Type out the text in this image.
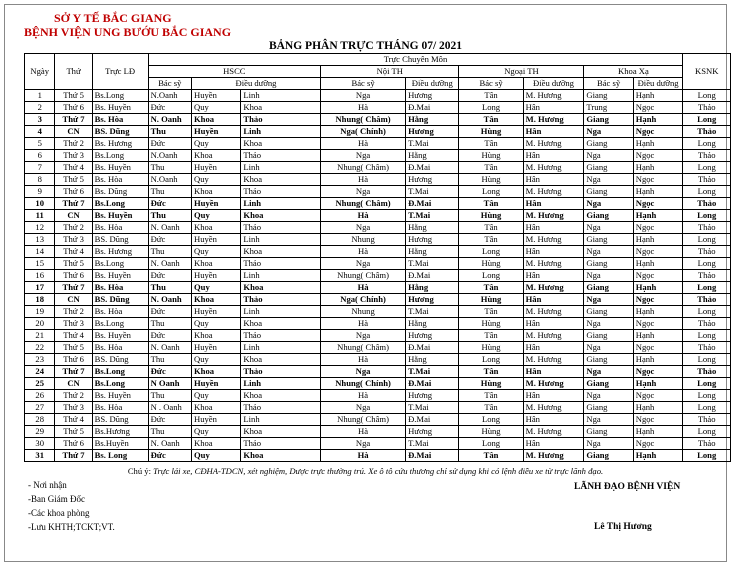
SỞ Y TẾ BẮC GIANG
BỆNH VIỆN UNG BƯỚU BẮC GIANG
BẢNG PHÂN TRỰC THÁNG 07/ 2021
Ngày	Thứ	Trực LĐ	Trực Chuyên Môn									KSNK
			HSCC			Nội TH		Ngoại TH		Khoa Xạ		
			Bác sỹ	Điều dưỡng		Bác sỹ	Điều dưỡng	Bác sỹ	Điều dưỡng	Bác sỹ	Điều dưỡng	
1	Thứ 5	Bs.Long	N.Oanh	Huyền	Linh	Nga	Hương	Tân	M. Hương	Giang	Hạnh	Long
2	Thứ 6	Bs. Huyền	Đức	Quy	Khoa	Hà	Đ.Mai	Long	Hân	Trung	Ngọc	Thảo
3	Thứ 7	Bs. Hòa	N. Oanh	Khoa	Thảo	Nhung( Châm)	Hằng	Tân	M. Hương	Giang	Hạnh	Long
4	CN	BS. Dũng	Thu	Huyền	Linh	Nga( Chính)	Hương	Hùng	Hân	Nga	Ngọc	Thảo
5	Thứ 2	Bs. Hương	Đức	Quy	Khoa	Hà	T.Mai	Tân	M. Hương	Giang	Hạnh	Long
6	Thứ 3	Bs.Long	N.Oanh	Khoa	Thảo	Nga	Hằng	Hùng	Hân	Nga	Ngọc	Thảo
7	Thứ 4	Bs. Huyền	Thu	Huyền	Linh	Nhung( Châm)	Đ.Mai	Tân	M. Hương	Giang	Hạnh	Long
8	Thứ 5	Bs. Hòa	N.Oanh	Quy	Khoa	Hà	Hương	Hùng	Hân	Nga	Ngọc	Thảo
9	Thứ 6	Bs. Dũng	Thu	Khoa	Thảo	Nga	T.Mai	Long	M. Hương	Giang	Hạnh	Long
10	Thứ 7	Bs.Long	Đức	Huyền	Linh	Nhung( Châm)	Đ.Mai	Tân	Hân	Nga	Ngọc	Thảo
11	CN	Bs. Huyền	Thu	Quy	Khoa	Hà	T.Mai	Hùng	M. Hương	Giang	Hạnh	Long
12	Thứ 2	Bs. Hòa	N. Oanh	Khoa	Thảo	Nga	Hằng	Tân	Hân	Nga	Ngọc	Thảo
13	Thứ 3	BS. Dũng	Đức	Huyền	Linh	Nhung	Hương	Tân	M. Hương	Giang	Hạnh	Long
14	Thứ 4	Bs. Hương	Thu	Quy	Khoa	Hà	Hằng	Long	Hân	Nga	Ngọc	Thảo
15	Thứ 5	Bs.Long	N. Oanh	Khoa	Thảo	Nga	T.Mai	Hùng	M. Hương	Giang	Hạnh	Long
16	Thứ 6	Bs. Huyền	Đức	Huyền	Linh	Nhung( Châm)	Đ.Mai	Long	Hân	Nga	Ngọc	Thảo
17	Thứ 7	Bs. Hòa	Thu	Quy	Khoa	Hà	Hằng	Tân	M. Hương	Giang	Hạnh	Long
18	CN	BS. Dũng	N. Oanh	Khoa	Thảo	Nga( Chính)	Hương	Hùng	Hân	Nga	Ngọc	Thảo
19	Thứ 2	Bs. Hòa	Đức	Huyền	Linh	Nhung	T.Mai	Tân	M. Hương	Giang	Hạnh	Long
20	Thứ 3	Bs.Long	Thu	Quy	Khoa	Hà	Hằng	Hùng	Hân	Nga	Ngọc	Thảo
21	Thứ 4	Bs. Huyền	Đức	Khoa	Thảo	Nga	Hương	Tân	M. Hương	Giang	Hạnh	Long
22	Thứ 5	Bs. Hòa	N. Oanh	Huyền	Linh	Nhung( Châm)	Đ.Mai	Hùng	Hân	Nga	Ngọc	Thảo
23	Thứ 6	BS. Dũng	Thu	Quy	Khoa	Hà	Hằng	Long	M. Hương	Giang	Hạnh	Long
24	Thứ 7	Bs.Long	Đức	Khoa	Thảo	Nga	T.Mai	Tân	Hân	Nga	Ngọc	Thảo
25	CN	Bs.Long	N Oanh	Huyền	Linh	Nhung( Chính)	Đ.Mai	Hùng	M. Hương	Giang	Hạnh	Long
26	Thứ 2	Bs. Huyền	Thu	Quy	Khoa	Hà	Hương	Tân	Hân	Nga	Ngọc	Long
27	Thứ 3	Bs. Hòa	N . Oanh	Khoa	Thảo	Nga	T.Mai	Tân	M. Hương	Giang	Hạnh	Long
28	Thứ 4	BS. Dũng	Đức	Huyền	Linh	Nhung( Châm)	Đ.Mai	Long	Hân	Nga	Ngọc	Thảo
29	Thứ 5	Bs.Hương	Thu	Quy	Khoa	Hà	Hương	Hùng	M. Hương	Giang	Hạnh	Long
30	Thứ 6	Bs.Huyền	N. Oanh	Khoa	Thảo	Nga	T.Mai	Long	Hân	Nga	Ngọc	Thảo
31	Thứ 7	Bs. Long	Đức	Quy	Khoa	Hà	Đ.Mai	Tân	M. Hương	Giang	Hạnh	Long
Chú ý: Trực lái xe, CĐHA-TDCN, xét nghiệm, Dược trực thường trú. Xe ô tô cứu thương chỉ sử dụng khi có lệnh điều xe từ trực lãnh đạo.
- Nơi nhận
-Ban Giám Đốc
-Các khoa phòng
-Lưu KHTH;TCKT;VT.
LÃNH ĐẠO BỆNH VIỆN
Lê Thị Hương
